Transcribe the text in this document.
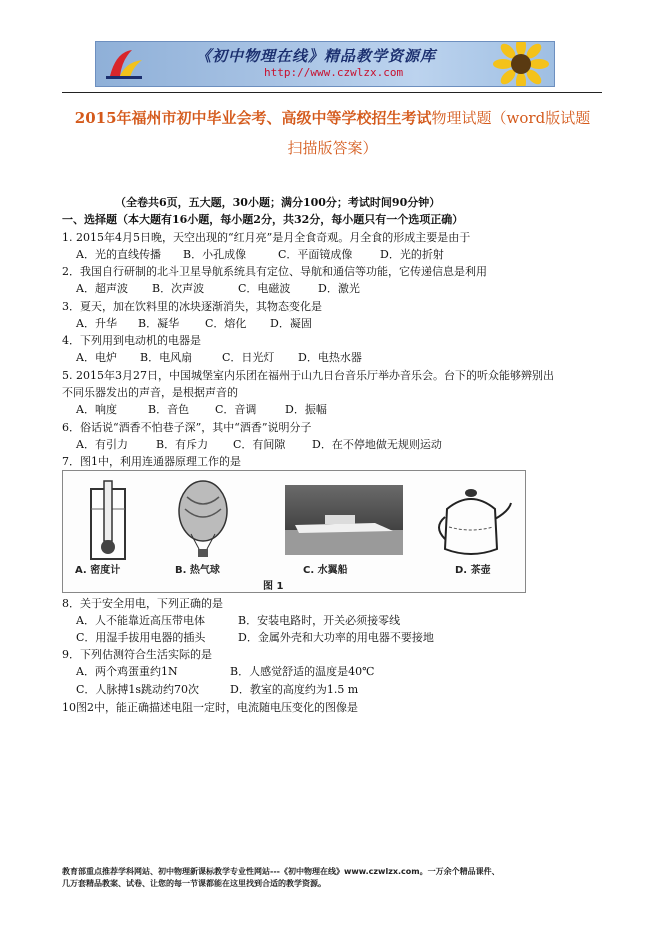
《初中物理在线》精品教学资源库
http://www.czwlzx.com
2015年福州市初中毕业会考、高级中等学校招生考试物理试题（word版试题
扫描版答案）
（全卷共6页，五大题，30小题；满分100分；考试时间90分钟）
一、选择题（本大题有16小题，每小题2分，共32分，每小题只有一个选项正确）
1. 2015年4月5日晚，天空出现的“红月亮”是月全食奇观。月全食的形成主要是由于
A．光的直线传播 B．小孔成像	C．平面镜成像	D．光的折射
2．我国自行研制的北斗卫星导航系统具有定位、导航和通信等功能，它传递信息是利用
A．超声波 B．次声波	C．电磁波	D．激光
3．夏天，加在饮料里的冰块逐渐消失，其物态变化是
A．升华 B．凝华 C．熔化 D．凝固
4．下列用到电动机的电器是
A．电炉 B．电风扇	C．日光灯 D．电热水器
5. 2015年3月27日，中国城堡室内乐团在福州于山九日台音乐厅举办音乐会。台下的听众能够辨别出
不同乐器发出的声音，是根据声音的
A．响度	B．音色 C．音调	D．振幅
6．俗话说“酒香不怕巷子深”，其中“酒香”说明分子
A．有引力	B．有斥力 C．有间隙 D．在不停地做无规则运动
7．图1中，利用连通器原理工作的是
A. 密度计	B. 热气球	C. 水翼船	D. 茶壶
图 1
8．关于安全用电，下列正确的是
A．人不能靠近高压带电体	B．安装电路时，开关必须接零线
C．用湿手拔用电器的插头	D．金属外壳和大功率的用电器不要接地
9．下列估测符合生活实际的是
A．两个鸡蛋重约1N	B．人感觉舒适的温度是40℃
C．人脉搏1s跳动约70次	D．教室的高度约为1.5 m
10图2中，能正确描述电阻一定时，电流随电压变化的图像是
教育部重点推荐学科网站、初中物理新课标教学专业性网站---《初中物理在线》www.czwlzx.com。一万余个精品课件、
几万套精品教案、试卷、让您的每一节课都能在这里找到合适的教学资源。
